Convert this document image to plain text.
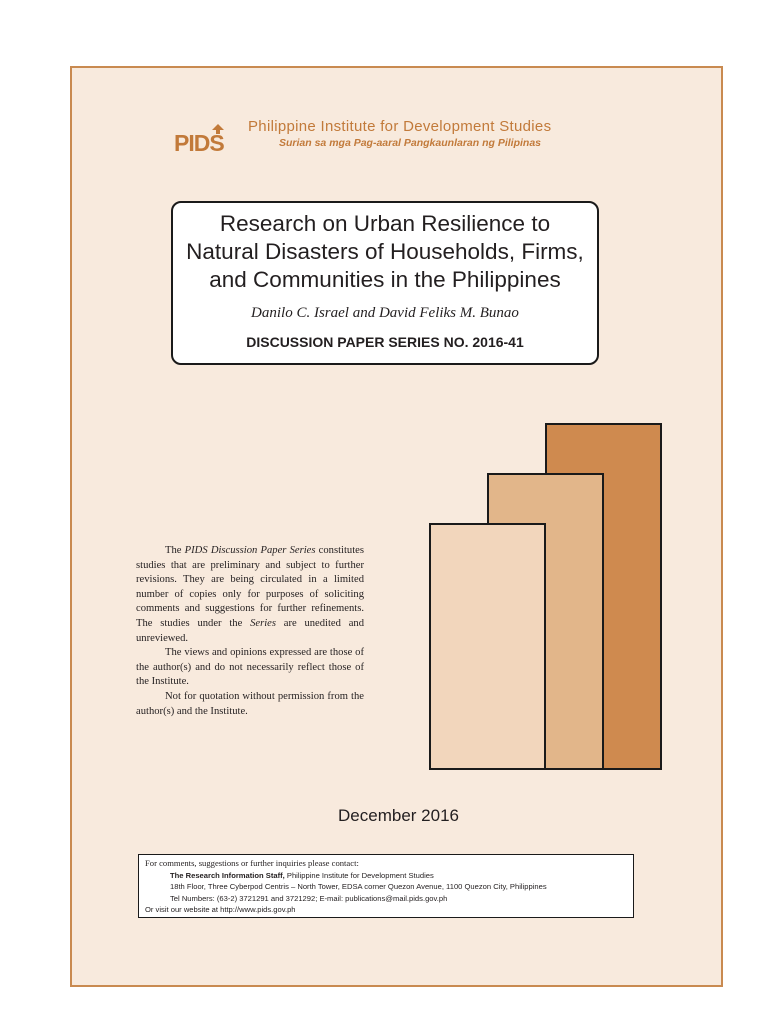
PIDS
Philippine Institute for Development Studies
Surian sa mga Pag-aaral Pangkaunlaran ng Pilipinas
Research on Urban Resilience to
Natural Disasters of Households, Firms,
and Communities in the Philippines
Danilo C. Israel and David Feliks M. Bunao
DISCUSSION PAPER SERIES NO. 2016-41

The PIDS Discussion Paper Series constitutes studies that are preliminary and subject to further revisions. They are being circulated in a limited number of copies only for purposes of soliciting comments and suggestions for further refinements. The studies under the Series are unedited and unreviewed.

The views and opinions expressed are those of the author(s) and do not necessarily reflect those of the Institute.

Not for quotation without permission from the author(s) and the Institute.

December 2016
For comments, suggestions or further inquiries please contact:
The Research Information Staff, Philippine Institute for Development Studies
18th Floor, Three Cyberpod Centris – North Tower, EDSA corner Quezon Avenue, 1100 Quezon City, Philippines
Tel Numbers: (63-2) 3721291 and 3721292; E-mail: publications@mail.pids.gov.ph
Or visit our website at http://www.pids.gov.ph
